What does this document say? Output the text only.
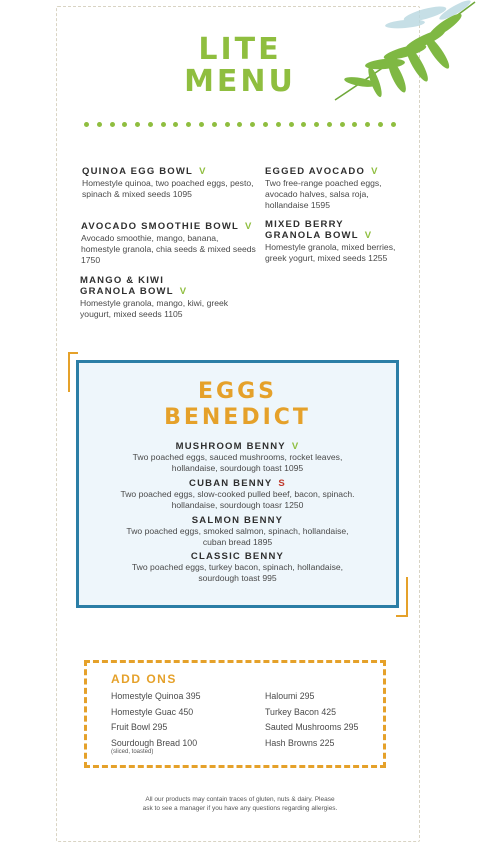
LITE
MENU
QUINOA EGG BOWL V
Homestyle quinoa, two poached eggs, pesto, spinach & mixed seeds 1095
EGGED AVOCADO V
Two free-range poached eggs, avocado halves, salsa roja, hollandaise 1595
AVOCADO SMOOTHIE BOWL V
Avocado smoothie, mango, banana, homestyle granola, chia seeds & mixed seeds 1750
MIXED BERRY
GRANOLA BOWL V
Homestyle granola, mixed berries, greek yogurt, mixed seeds 1255
MANGO & KIWI
GRANOLA BOWL V
Homestyle granola, mango, kiwi, greek yougurt, mixed seeds 1105
EGGS
BENEDICT
MUSHROOM BENNY V
Two poached eggs, sauced mushrooms, rocket leaves,
hollandaise, sourdough toast 1095
CUBAN BENNY S
Two poached eggs, slow-cooked pulled beef, bacon, spinach.
hollandaise, sourdough toasr 1250
SALMON BENNY
Two poached eggs, smoked salmon, spinach, hollandaise,
cuban bread 1895
CLASSIC BENNY
Two poached eggs, turkey bacon, spinach, hollandaise,
sourdough toast 995
ADD ONS
Homestyle Quinoa 395
Homestyle Guac 450
Fruit Bowl 295
Sourdough Bread 100
(sliced, toasted)
Haloumi 295
Turkey Bacon 425
Sauted Mushrooms 295
Hash Browns 225
All our products may contain traces of gluten, nuts & dairy. Please
ask to see a manager if you have any questions regarding allergies.
